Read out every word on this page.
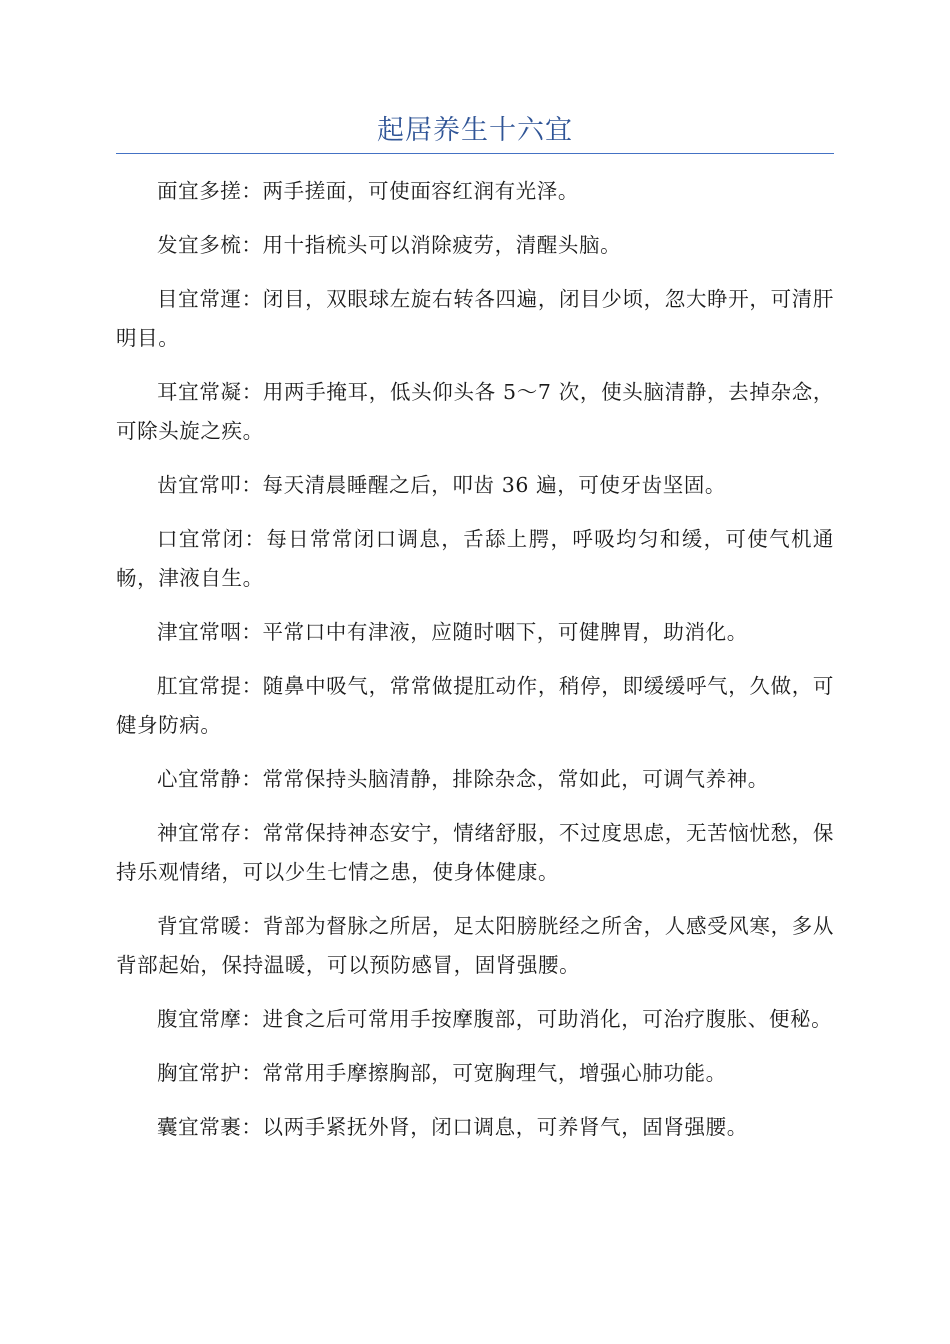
起居养生十六宜

面宜多搓：两手搓面，可使面容红润有光泽。

发宜多梳：用十指梳头可以消除疲劳，清醒头脑。

目宜常運：闭目，双眼球左旋右转各四遍，闭目少顷，忽大睁开，可清肝明目。

耳宜常凝：用两手掩耳，低头仰头各 5～7 次，使头脑清静，去掉杂念，可除头旋之疾。

齿宜常叩：每天清晨睡醒之后，叩齿 36 遍，可使牙齿坚固。

口宜常闭：每日常常闭口调息，舌舔上腭，呼吸均匀和缓，可使气机通畅，津液自生。

津宜常咽：平常口中有津液，应随时咽下，可健脾胃，助消化。

肛宜常提：随鼻中吸气，常常做提肛动作，稍停，即缓缓呼气，久做，可健身防病。

心宜常静：常常保持头脑清静，排除杂念，常如此，可调气养神。

神宜常存：常常保持神态安宁，情绪舒服，不过度思虑，无苦恼忧愁，保持乐观情绪，可以少生七情之患，使身体健康。

背宜常暖：背部为督脉之所居，足太阳膀胱经之所舍，人感受风寒，多从背部起始，保持温暖，可以预防感冒，固肾强腰。

腹宜常摩：进食之后可常用手按摩腹部，可助消化，可治疗腹胀、便秘。

胸宜常护：常常用手摩擦胸部，可宽胸理气，增强心肺功能。

囊宜常裹：以两手紧抚外肾，闭口调息，可养肾气，固肾强腰。
